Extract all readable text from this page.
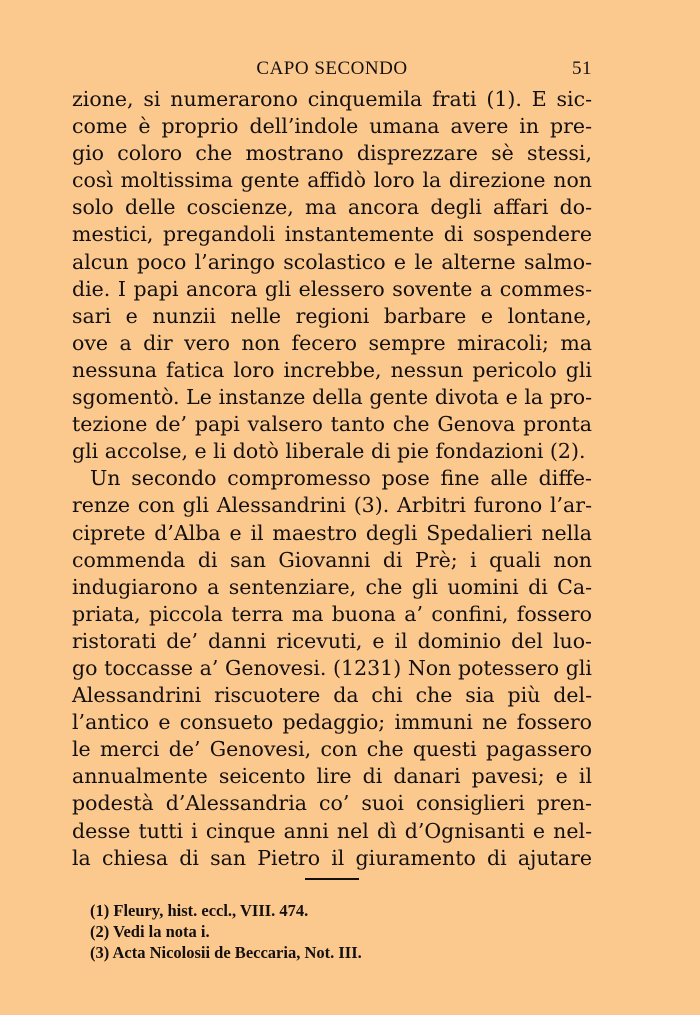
CAPO SECONDO	51
zione, si numerarono cinquemila frati (1). E sic-
come è proprio dell’indole umana avere in pre-
gio coloro che mostrano disprezzare sè stessi,
così moltissima gente affidò loro la direzione non
solo delle coscienze, ma ancora degli affari do-
mestici, pregandoli instantemente di sospendere
alcun poco l’aringo scolastico e le alterne salmo-
die. I papi ancora gli elessero sovente a commes-
sari e nunzii nelle regioni barbare e lontane,
ove a dir vero non fecero sempre miracoli; ma
nessuna fatica loro increbbe, nessun pericolo gli
sgomentò. Le instanze della gente divota e la pro-
tezione de’ papi valsero tanto che Genova pronta
gli accolse, e li dotò liberale di pie fondazioni (2).
Un secondo compromesso pose fine alle diffe-
renze con gli Alessandrini (3). Arbitri furono l’ar-
ciprete d’Alba e il maestro degli Spedalieri nella
commenda di san Giovanni di Prè; i quali non
indugiarono a sentenziare, che gli uomini di Ca-
priata, piccola terra ma buona a’ confini, fossero
ristorati de’ danni ricevuti, e il dominio del luo-
go toccasse a’ Genovesi. (1231) Non potessero gli
Alessandrini riscuotere da chi che sia più del-
l’antico e consueto pedaggio; immuni ne fossero
le merci de’ Genovesi, con che questi pagassero
annualmente seicento lire di danari pavesi; e il
podestà d’Alessandria co’ suoi consiglieri pren-
desse tutti i cinque anni nel dì d’Ognisanti e nel-
la chiesa di san Pietro il giuramento di ajutare
(1) Fleury, hist. eccl., VIII. 474.
(2) Vedi la nota i.
(3) Acta Nicolosii de Beccaria, Not. III.
